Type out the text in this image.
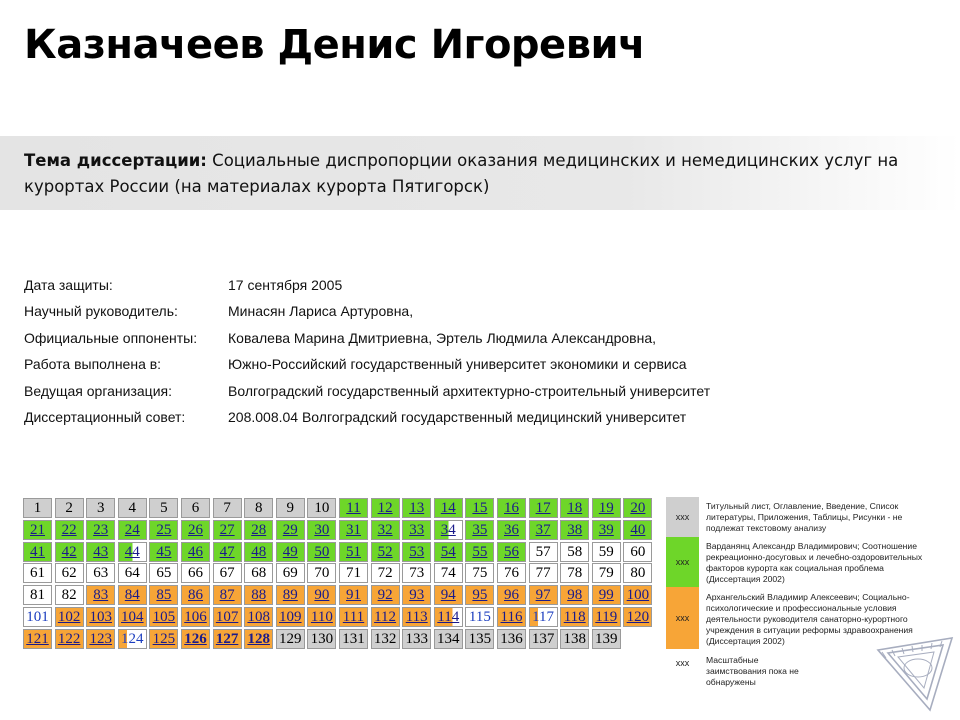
Казначеев Денис Игоревич
Тема диссертации: Социальные диспропорции оказания медицинских и немедицинских услуг на курортах России (на материалах курорта Пятигорск)
Дата защиты:	17 сентября 2005
Научный руководитель:	Минасян Лариса Артуровна,
Официальные оппоненты: Ковалева Марина Дмитриевна, Эртель Людмила Александровна,
Работа выполнена в:	Южно-Российский государственный университет экономики и сервиса
Ведущая организация:	Волгоградский государственный архитектурно-строительный университет
Диссертационный совет:	208.008.04 Волгоградский государственный медицинский университет
1	2	3	4	5	6	7	8	9	10	11	12	13	14	15	16	17	18	19	20
21	22	23	24	25	26	27	28	29	30	31	32	33	34	35	36	37	38	39	40
41	42	43	44	45	46	47	48	49	50	51	52	53	54	55	56	57	58	59	60
61	62	63	64	65	66	67	68	69	70	71	72	73	74	75	76	77	78	79	80
81	82	83	84	85	86	87	88	89	90	91	92	93	94	95	96	97	98	99 100
101 102 103 104 105 106 107 108 109 110 111 112 113 114 115 116 117 118 119 120
121 122 123 124 125 126 127 128 129 130 131 132 133 134 135 136 137 138 139
xxx
Титульный лист, Оглавление, Введение, Список литературы, Приложения, Таблицы, Рисунки - не подлежат текстовому анализу
xxx
Варданянц Александр Владимирович; Соотношение рекреационно-досуговых и лечебно-оздоровительных факторов курорта как социальная проблема (Диссертация 2002)
xxx
Архангельский Владимир Алексеевич; Социально-психологические и профессиональные условия деятельности руководителя санаторно-курортного учреждения в ситуации реформы здравоохранения (Диссертация 2002)
xxx Масштабные заимствования пока не обнаружены
